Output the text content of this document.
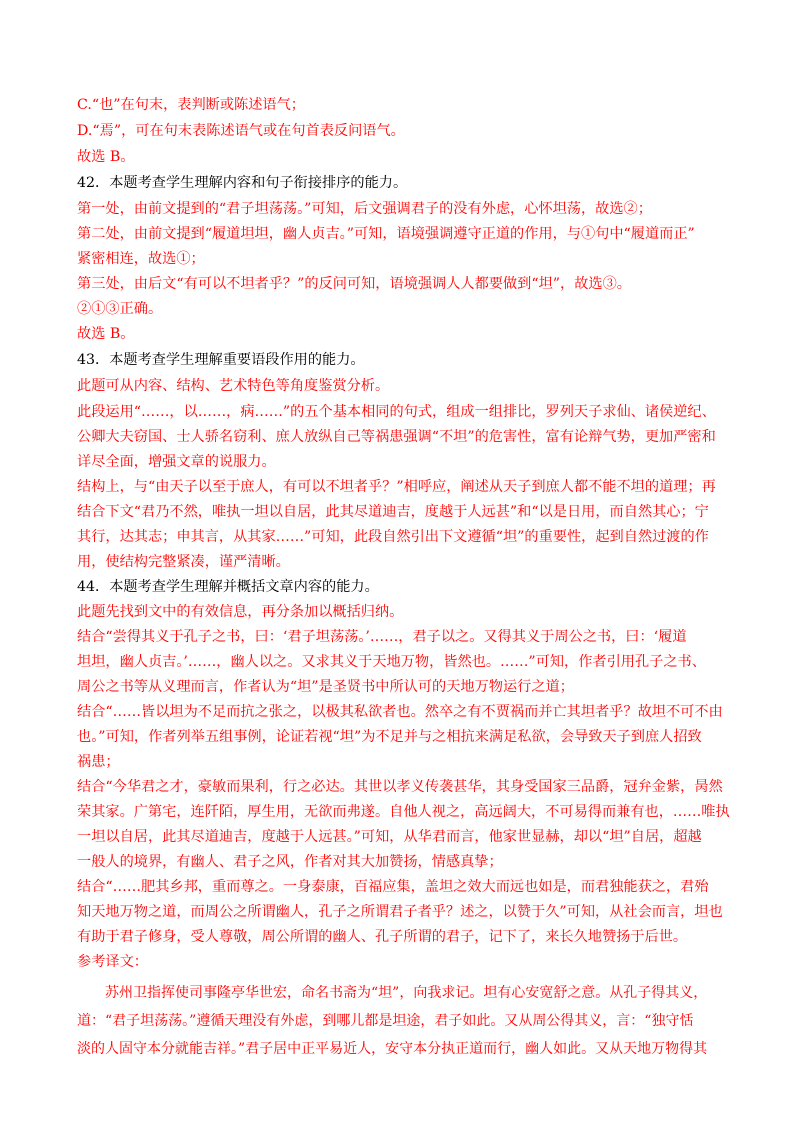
C.“也”在句末，表判断或陈述语气；
D.“焉”，可在句末表陈述语气或在句首表反问语气。
故选 B。
42．本题考查学生理解内容和句子衔接排序的能力。
第一处，由前文提到的“君子坦荡荡。”可知，后文强调君子的没有外虑，心怀坦荡，故选②；
第二处，由前文提到“履道坦坦，幽人贞吉。”可知，语境强调遵守正道的作用，与①句中“履道而正”
紧密相连，故选①；
第三处，由后文“有可以不坦者乎？”的反问可知，语境强调人人都要做到“坦”，故选③。
②①③正确。
故选 B。
43．本题考查学生理解重要语段作用的能力。
此题可从内容、结构、艺术特色等角度鉴赏分析。
此段运用“……，以……，病……”的五个基本相同的句式，组成一组排比，罗列天子求仙、诸侯逆纪、
公卿大夫窃国、士人骄名窃利、庶人放纵自己等祸患强调“不坦”的危害性，富有论辩气势，更加严密和
详尽全面，增强文章的说服力。
结构上，与“由天子以至于庶人，有可以不坦者乎？”相呼应，阐述从天子到庶人都不能不坦的道理；再
结合下文“君乃不然，唯执一坦以自居，此其尽道迪吉，度越于人远甚”和“以是日用，而自然其心；宁
其行，达其志；申其言，从其家……”可知，此段自然引出下文遵循“坦”的重要性，起到自然过渡的作
用，使结构完整紧凑，谨严清晰。
44．本题考查学生理解并概括文章内容的能力。
此题先找到文中的有效信息，再分条加以概括归纳。
结合“尝得其义于孔子之书，曰：‘君子坦荡荡。’……，君子以之。又得其义于周公之书，曰：‘履道
坦坦，幽人贞吉。’……，幽人以之。又求其义于天地万物，皆然也。……”可知，作者引用孔子之书、
周公之书等从义理而言，作者认为“坦”是圣贤书中所认可的天地万物运行之道；
结合“……皆以坦为不足而抗之张之，以极其私欲者也。然卒之有不贾祸而并亡其坦者乎？故坦不可不由
也。”可知，作者列举五组事例，论证若视“坦”为不足并与之相抗来满足私欲，会导致天子到庶人招致
祸患；
结合“今华君之才，豪敏而果利，行之必达。其世以孝义传袭甚华，其身受国家三品爵，冠弁金紫，昺然
荣其家。广第宅，连阡陌，厚生用，无欲而弗遂。自他人视之，高远阔大，不可易得而兼有也，……唯执
一坦以自居，此其尽道迪吉，度越于人远甚。”可知，从华君而言，他家世显赫，却以“坦”自居，超越
一般人的境界，有幽人、君子之风，作者对其大加赞扬，情感真挚；
结合“……肥其乡邦，重而尊之。一身泰康，百福应集，盖坦之效大而远也如是，而君独能获之，君殆
知天地万物之道，而周公之所谓幽人，孔子之所谓君子者乎？述之，以赞于久”可知，从社会而言，坦也
有助于君子修身，受人尊敬，周公所谓的幽人、孔子所谓的君子，记下了，来长久地赞扬于后世。
参考译文：
苏州卫指挥使司事隆亭华世宏，命名书斋为“坦”，向我求记。坦有心安宽舒之意。从孔子得其义，
道：“君子坦荡荡。”遵循天理没有外虑，到哪儿都是坦途，君子如此。又从周公得其义，言：“独守恬
淡的人固守本分就能吉祥。”君子居中正平易近人，安守本分执正道而行，幽人如此。又从天地万物得其
